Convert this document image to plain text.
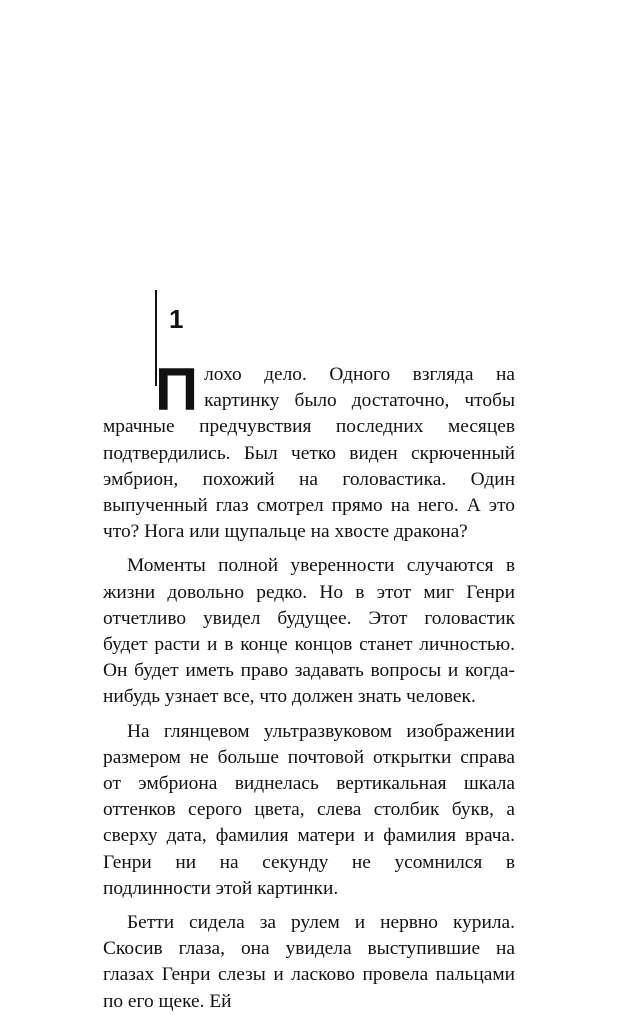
1

Плохо дело. Одного взгляда на картинку было достаточно, чтобы мрачные предчувствия последних месяцев подтвердились. Был четко виден скрюченный эмбрион, похожий на головастика. Один выпученный глаз смотрел прямо на него. А это что? Нога или щупальце на хвосте дракона?

Моменты полной уверенности случаются в жизни довольно редко. Но в этот миг Генри отчетливо увидел будущее. Этот головастик будет расти и в конце концов станет личностью. Он будет иметь право задавать вопросы и когда-нибудь узнает все, что должен знать человек.

На глянцевом ультразвуковом изображении размером не больше почтовой открытки справа от эмбриона виднелась вертикальная шкала оттенков серого цвета, слева столбик букв, а сверху дата, фамилия матери и фамилия врача. Генри ни на секунду не усомнился в подлинности этой картинки.

Бетти сидела за рулем и нервно курила. Скосив глаза, она увидела выступившие на глазах Генри слезы и ласково провела пальцами по его щеке. Ей
